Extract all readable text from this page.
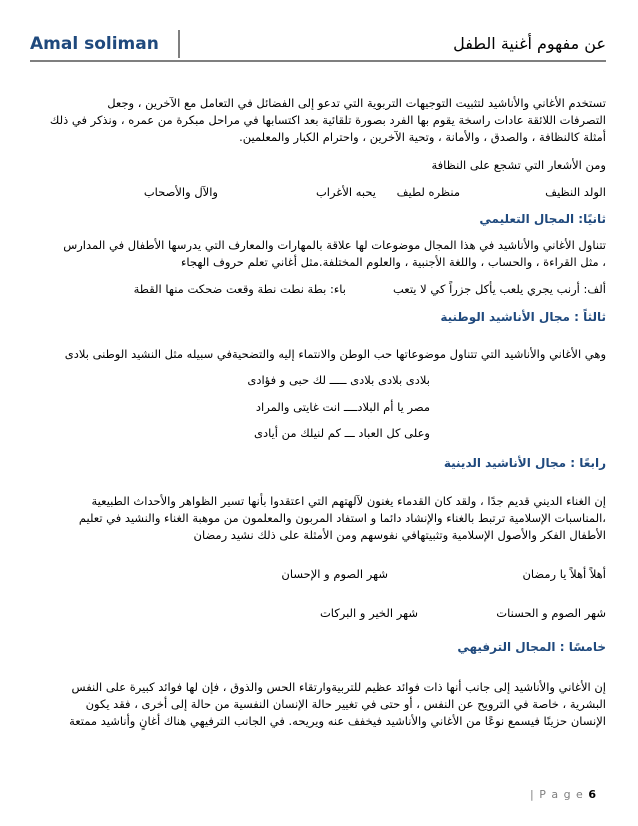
Amal soliman	عن مفهوم أغنية الطفل
تستخدم الأغاني والأناشيد لتثبيت التوجيهات التربوية التي تدعو إلى الفضائل في التعامل مع الآخرين ، وجعل
التصرفات اللائقة عادات راسخة يقوم بها الفرد بصورة تلقائية بعد اكتسابها في مراحل مبكرة من عمره ، ونذكر في ذلك
أمثلة كالنظافة ، والصدق ، والأمانة ، وتحية الآخرين ، واحترام الكبار والمعلمين.
ومن الأشعار التي تشجع على النظافة
الولد النظيف
منظره لطيف
يحبه الأغراب
والآل والأصحاب
ثانيًا: المجال التعليمي
تتناول الأغاني والأناشيد في هذا المجال موضوعات لها علاقة بالمهارات والمعارف التي يدرسها الأطفال في المدارس
، مثل القراءة ، والحساب ، واللغة الأجنبية ، والعلوم المختلفة.مثل أغاني تعلم حروف الهجاء
ألف: أرنب يجري يلعب يأكل جزراً كي لا يتعب
باء: بطة نطت نطة وقعت ضحكت منها القطة
ثالثاً : مجال الأناشيد الوطنية
وهي الأغاني والأناشيد التي تتناول موضوعاتها حب الوطن والانتماء إليه والتضحيةفي سبيله مثل النشيد الوطنى بلادى
بلادى بلادى بلادى ـــــ لك حبى و فؤادى
مصر يا أم البلادــــ انت غايتى والمراد
وعلى كل العباد ـــ كم لنيلك من أيادى
رابعًا : مجال الأناشيد الدينية
إن الغناء الديني قديم جدًا ، ولقد كان القدماء يغنون لآلهتهم التي اعتقدوا بأنها تسير الظواهر والأحداث الطبيعية
،المناسبات الإسلامية ترتبط بالغناء والإنشاد دائما و استفاد المربون والمعلمون من موهبة الغناء والنشيد في تعليم
الأطفال الفكر والأصول الإسلامية وتثبيتهافي نفوسهم ومن الأمثلة على ذلك نشيد رمضان
أهلاً أهلاً يا رمضان
شهر الصوم و الإحسان
شهر الصوم و الحسنات
شهر الخير و البركات
خامسًا : المجال الترفيهي
إن الأغاني والأناشيد إلى جانب أنها ذات فوائد عظيم للتربيةوارتقاء الحس والذوق ، فإن لها فوائد كبيرة على النفس
البشرية ، خاصة في الترويح عن النفس ، أو حتى في تغيير حالة الإنسان النفسية من حالة إلى أخرى ، فقد يكون
الإنسان حزينًا فيسمع نوعًا من الأغاني والأناشيد فيخفف عنه ويريحه. في الجانب الترفيهي هناك أغانٍ وأناشيد ممتعة
| P a g e 6
